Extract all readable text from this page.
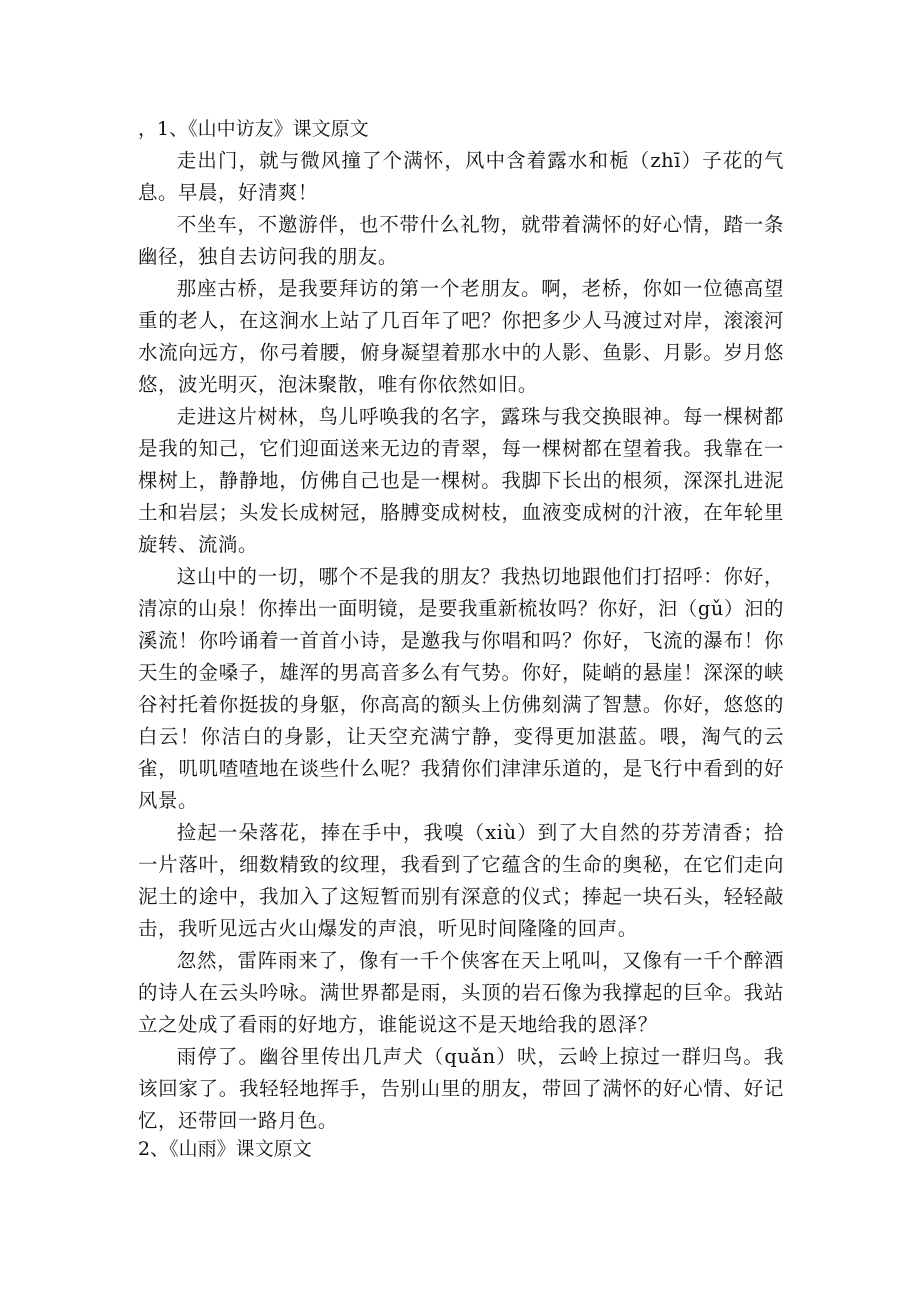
，1、《山中访友》课文原文

走出门，就与微风撞了个满怀，风中含着露水和栀（zhī）子花的气息。早晨，好清爽！

不坐车，不邀游伴，也不带什么礼物，就带着满怀的好心情，踏一条幽径，独自去访问我的朋友。

那座古桥，是我要拜访的第一个老朋友。啊，老桥，你如一位德高望重的老人，在这涧水上站了几百年了吧？你把多少人马渡过对岸，滚滚河水流向远方，你弓着腰，俯身凝望着那水中的人影、鱼影、月影。岁月悠悠，波光明灭，泡沫聚散，唯有你依然如旧。

走进这片树林，鸟儿呼唤我的名字，露珠与我交换眼神。每一棵树都是我的知己，它们迎面送来无边的青翠，每一棵树都在望着我。我靠在一棵树上，静静地，仿佛自己也是一棵树。我脚下长出的根须，深深扎进泥土和岩层；头发长成树冠，胳膊变成树枝，血液变成树的汁液，在年轮里旋转、流淌。

这山中的一切，哪个不是我的朋友？我热切地跟他们打招呼：你好，清凉的山泉！你捧出一面明镜，是要我重新梳妆吗？你好，汩（gǔ）汩的溪流！你吟诵着一首首小诗，是邀我与你唱和吗？你好，飞流的瀑布！你天生的金嗓子，雄浑的男高音多么有气势。你好，陡峭的悬崖！深深的峡谷衬托着你挺拔的身躯，你高高的额头上仿佛刻满了智慧。你好，悠悠的白云！你洁白的身影，让天空充满宁静，变得更加湛蓝。喂，淘气的云雀，叽叽喳喳地在谈些什么呢？我猜你们津津乐道的，是飞行中看到的好风景。

捡起一朵落花，捧在手中，我嗅（xiù）到了大自然的芬芳清香；拾一片落叶，细数精致的纹理，我看到了它蕴含的生命的奥秘，在它们走向泥土的途中，我加入了这短暂而别有深意的仪式；捧起一块石头，轻轻敲击，我听见远古火山爆发的声浪，听见时间隆隆的回声。

忽然，雷阵雨来了，像有一千个侠客在天上吼叫，又像有一千个醉酒的诗人在云头吟咏。满世界都是雨，头顶的岩石像为我撑起的巨伞。我站立之处成了看雨的好地方，谁能说这不是天地给我的恩泽？

雨停了。幽谷里传出几声犬（quǎn）吠，云岭上掠过一群归鸟。我该回家了。我轻轻地挥手，告别山里的朋友，带回了满怀的好心情、好记忆，还带回一路月色。

2、《山雨》课文原文
